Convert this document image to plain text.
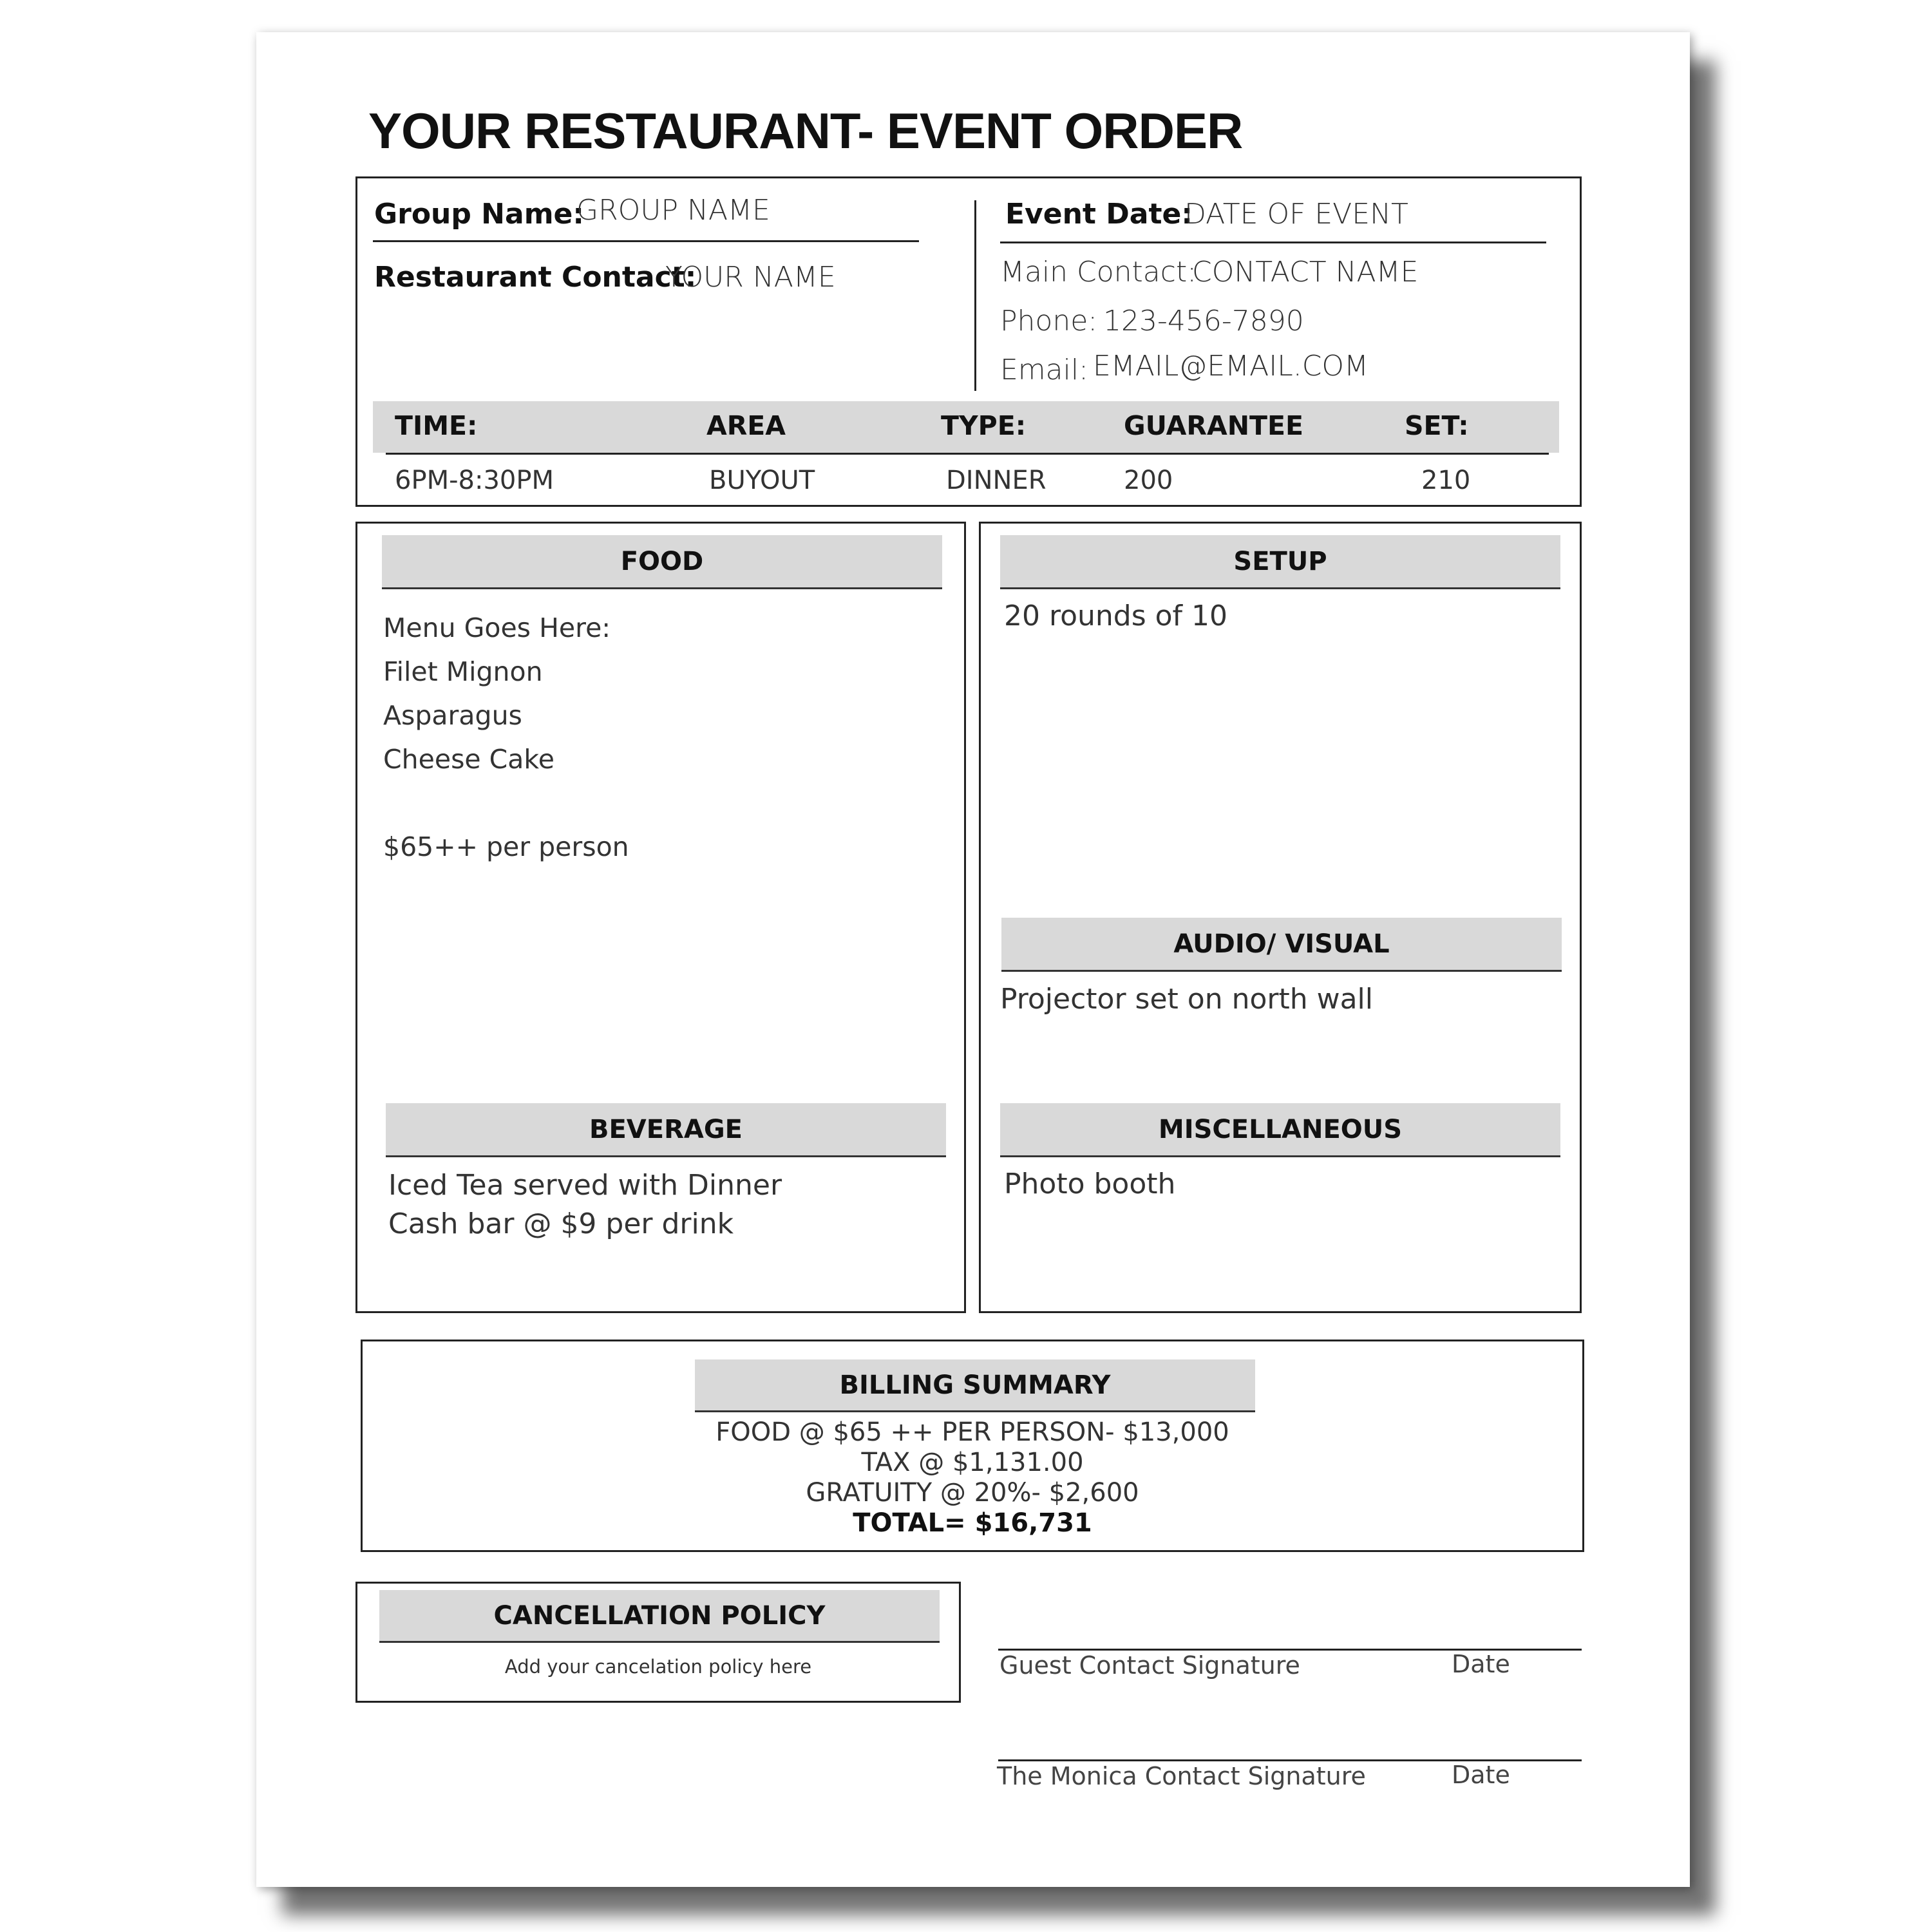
YOUR RESTAURANT- EVENT ORDER
Group Name:
GROUP NAME
Restaurant Contact:
YOUR NAME
Event Date:
DATE OF EVENT
Main Contact:
CONTACT NAME
Phone: 123-456-7890
Email: EMAIL@EMAIL.COM
TIME:	AREA	TYPE:	GUARANTEE	SET:
6PM-8:30PM	BUYOUT	DINNER	200	210
FOOD
Menu Goes Here:
Filet Mignon
Asparagus
Cheese Cake
$65++ per person
BEVERAGE
Iced Tea served with Dinner
Cash bar @ $9 per drink
SETUP
20 rounds of 10
AUDIO/ VISUAL
Projector set on north wall
MISCELLANEOUS
Photo booth
BILLING SUMMARY
FOOD @ $65 ++ PER PERSON- $13,000
TAX @ $1,131.00
GRATUITY @ 20%- $2,600
TOTAL= $16,731
CANCELLATION POLICY
Add your cancelation policy here	Guest Contact Signature	Date
The Monica Contact Signature	Date
